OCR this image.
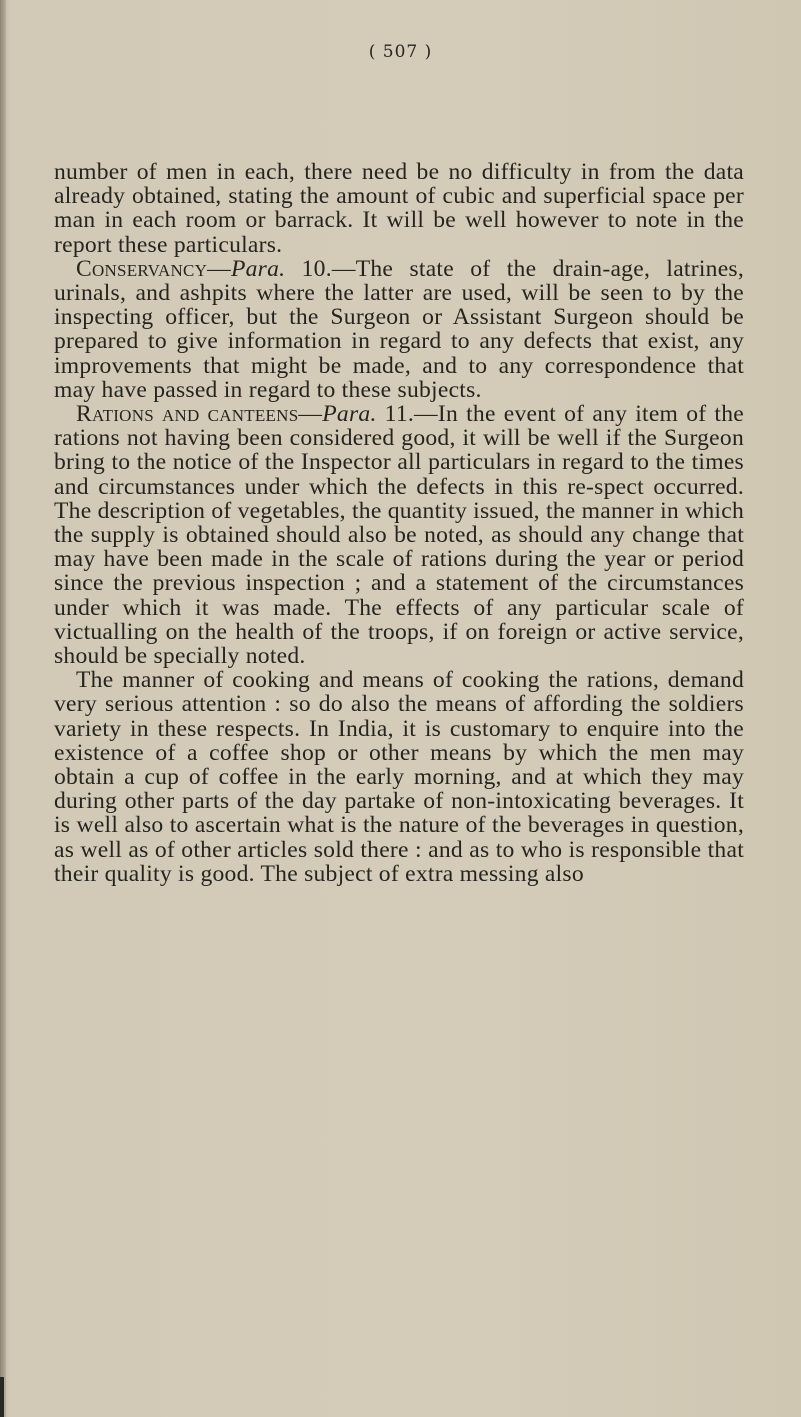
( 507 )
number of men in each, there need be no difficulty in from the data already obtained, stating the amount of cubic and superficial space per man in each room or barrack. It will be well however to note in the report these particulars.
Conservancy—Para. 10.—The state of the drain-age, latrines, urinals, and ashpits where the latter are used, will be seen to by the inspecting officer, but the Surgeon or Assistant Surgeon should be prepared to give information in regard to any defects that exist, any improvements that might be made, and to any correspondence that may have passed in regard to these subjects.
Rations and canteens—Para. 11.—In the event of any item of the rations not having been considered good, it will be well if the Surgeon bring to the notice of the Inspector all particulars in regard to the times and circumstances under which the defects in this re-spect occurred. The description of vegetables, the quantity issued, the manner in which the supply is obtained should also be noted, as should any change that may have been made in the scale of rations during the year or period since the previous inspection ; and a statement of the circumstances under which it was made. The effects of any particular scale of victualling on the health of the troops, if on foreign or active service, should be specially noted.
The manner of cooking and means of cooking the rations, demand very serious attention : so do also the means of affording the soldiers variety in these respects. In India, it is customary to enquire into the existence of a coffee shop or other means by which the men may obtain a cup of coffee in the early morning, and at which they may during other parts of the day partake of non-intoxicating beverages. It is well also to ascertain what is the nature of the beverages in question, as well as of other articles sold there : and as to who is responsible that their quality is good. The subject of extra messing also
